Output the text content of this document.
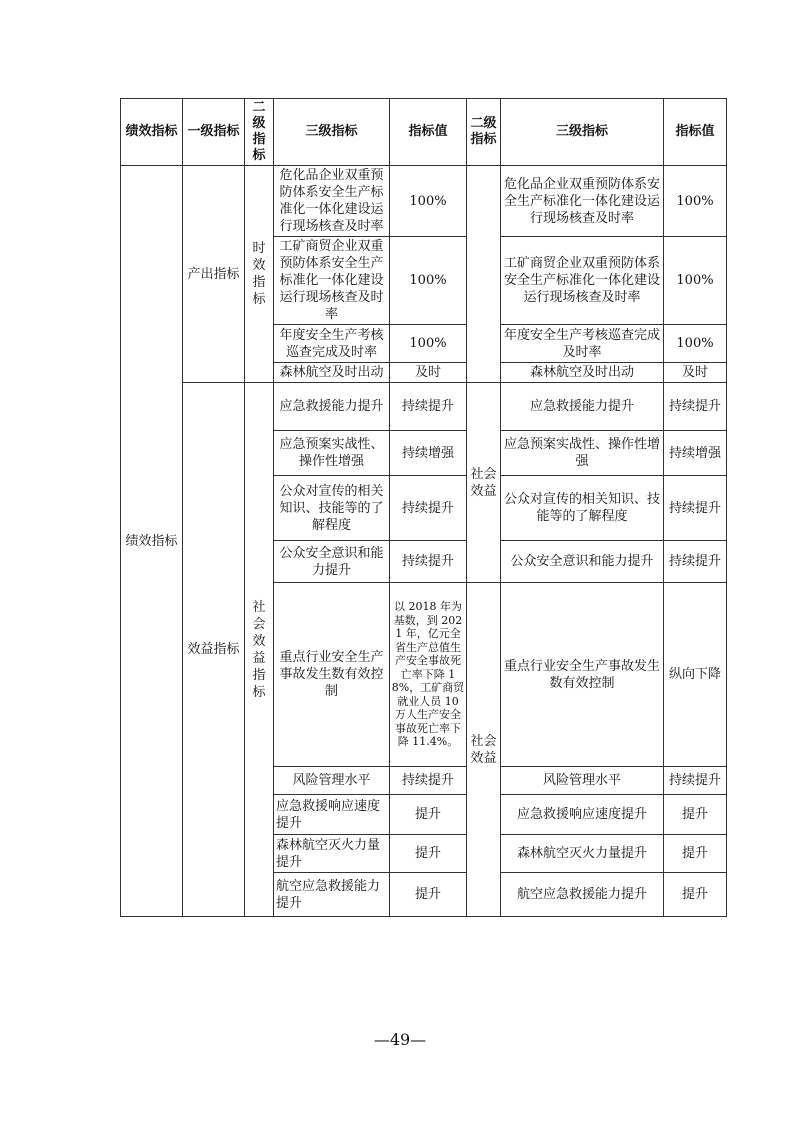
绩效指标	一级指标	二级指标	三级指标	指标值	二级指标	三级指标	指标值
绩效指标	产出指标	时效指标	危化品企业双重预防体系安全生产标准化一体化建设运行现场核查及时率	100%		危化品企业双重预防体系安全生产标准化一体化建设运行现场核查及时率	100%
			工矿商贸企业双重预防体系安全生产标准化一体化建设运行现场核查及时率	100%		工矿商贸企业双重预防体系安全生产标准化一体化建设运行现场核查及时率	100%
			年度安全生产考核巡查完成及时率	100%		年度安全生产考核巡查完成及时率	100%
			森林航空及时出动	及时		森林航空及时出动	及时
	效益指标	社会效益指标	应急救援能力提升	持续提升	社会效益	应急救援能力提升	持续提升
			应急预案实战性、操作性增强	持续增强		应急预案实战性、操作性增强	持续增强
			公众对宣传的相关知识、技能等的了解程度	持续提升		公众对宣传的相关知识、技能等的了解程度	持续提升
			公众安全意识和能力提升	持续提升		公众安全意识和能力提升	持续提升
			重点行业安全生产事故发生数有效控制	以 2018 年为基数，到 2021 年，亿元全省生产总值生产安全事故死亡率下降 18%，工矿商贸就业人员 10 万人生产安全事故死亡率下降 11.4%。	社会效益	重点行业安全生产事故发生数有效控制	纵向下降
			风险管理水平	持续提升		风险管理水平	持续提升
			应急救援响应速度提升	提升		应急救援响应速度提升	提升
			森林航空灭火力量提升	提升		森林航空灭火力量提升	提升
			航空应急救援能力提升	提升		航空应急救援能力提升	提升
—49—
